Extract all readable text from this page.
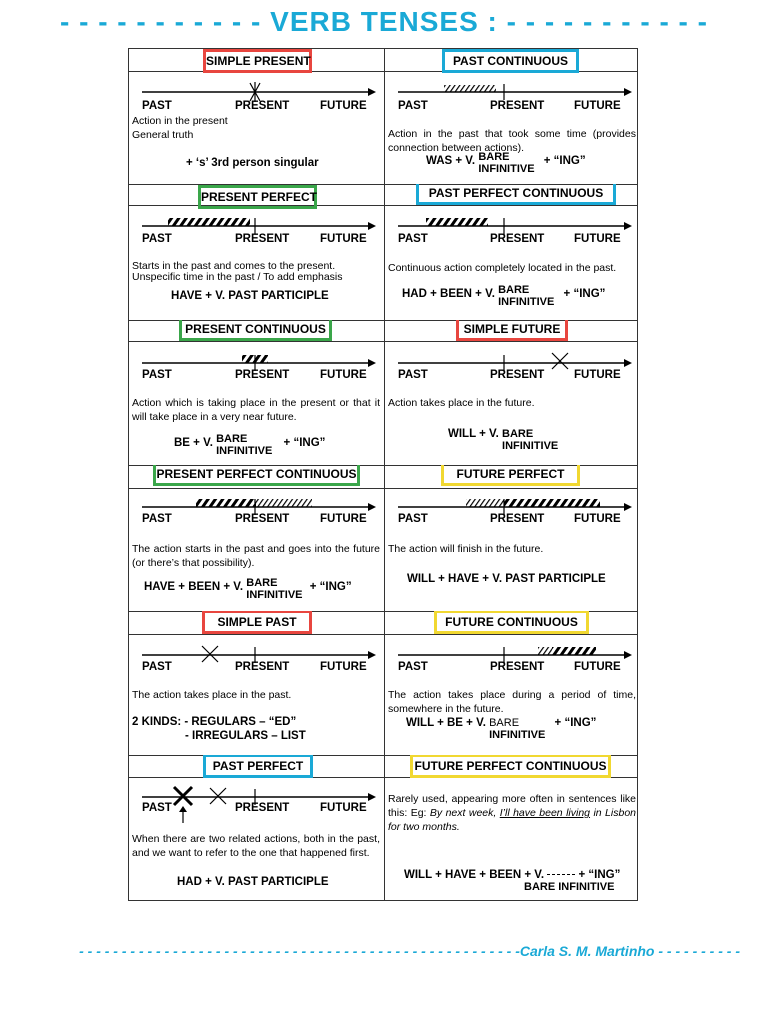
- - - - - - - - - - - VERB TENSES : - - - - - - - - - - -
SIMPLE PRESENT
PAST	PRESENT	FUTURE
Action in the present
General truth
+ ‘s’ 3rd person singular
PAST CONTINUOUS
PAST	PRESENT	FUTURE
Action in the past that took some time (provides connection between actions).
WAS + V. BARE
INFINITIVE + “ING”
PRESENT PERFECT
PAST	PRESENT	FUTURE
Starts in the past and comes to the present.
Unspecific time in the past / To add emphasis
HAVE + V. PAST PARTICIPLE
PAST PERFECT CONTINUOUS
PAST	PRESENT	FUTURE
Continuous action completely located in the past.
HAD + BEEN + V. BARE
INFINITIVE + “ING”
PRESENT CONTINUOUS
PAST	PRESENT	FUTURE
Action which is taking place in the present or that it will take place in a very near future.
BE + V. BARE
INFINITIVE + “ING”
SIMPLE FUTURE
PAST	PRESENT	FUTURE
Action takes place in the future.
WILL + V. BARE
INFINITIVE
PRESENT PERFECT CONTINUOUS
PAST	PRESENT	FUTURE
The action starts in the past and goes into the future (or there’s that possibility).
HAVE + BEEN + V. BARE
INFINITIVE + “ING”
FUTURE PERFECT
PAST	PRESENT	FUTURE
The action will finish in the future.
WILL + HAVE + V. PAST PARTICIPLE
SIMPLE PAST
PAST	PRESENT	FUTURE
The action takes place in the past.
2 KINDS: - REGULARS – “ED”
- IRREGULARS – LIST
FUTURE CONTINUOUS
PAST	PRESENT	FUTURE
The action takes place during a period of time, somewhere in the future.
WILL + BE + V. BARE
INFINITIVE + “ING”
PAST PERFECT
PAST	PRESENT	FUTURE
When there are two related actions, both in the past, and we want to refer to the one that happened first.
HAD + V. PAST PARTICIPLE
FUTURE PERFECT CONTINUOUS
Rarely used, appearing more often in sentences like this: Eg: By next week, I’ll have been living in Lisbon for two months.
WILL + HAVE + BEEN + V.  + “ING”
BARE INFINITIVE
- - - - - - - - - - - - - - - - - - - - - - - - - - - - - - - - - - - - - - - - - - - - - - - - - - - -Carla S. M. Martinho - - - - - - - - - -
